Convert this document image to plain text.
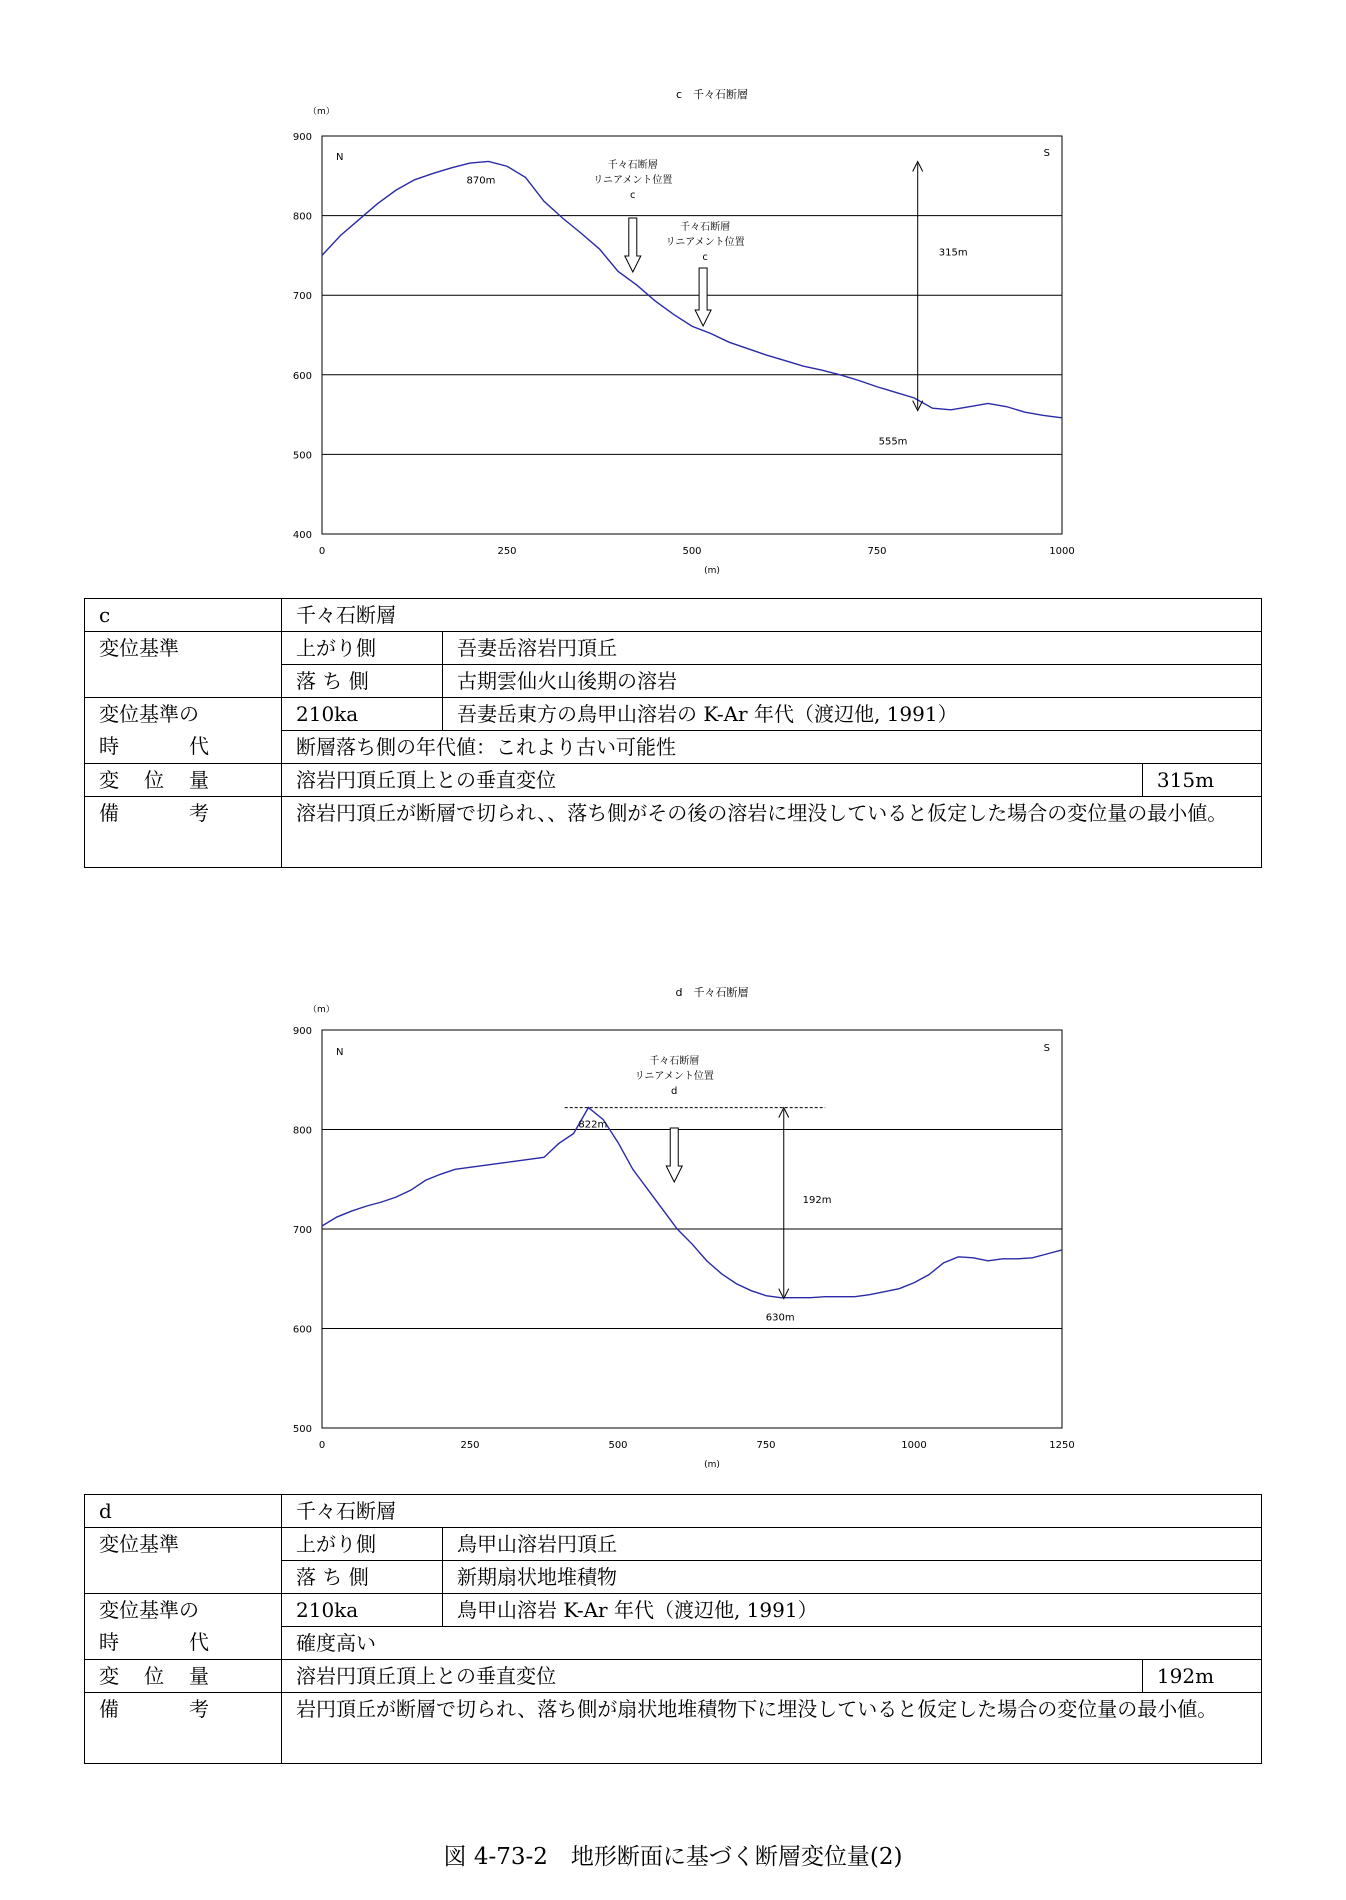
c　千々石断層
（m）
(m)
400
500
600
700
800
900
0	250	500	750	1000
N	S
870m
555m
315m
千々石断層
リニアメント位置
c
千々石断層
リニアメント位置
c
c	千々石断層		
変位基準	上がり側	吾妻岳溶岩円頂丘	
	落 ち 側	古期雲仙火山後期の溶岩	

変位基準の
時 代	210ka	吾妻岳東方の鳥甲山溶岩の K-Ar 年代（渡辺他, 1991）	
	断層落ち側の年代値：これより古い可能性		

変 位 量	溶岩円頂丘頂上との垂直変位		315m

備 考	溶岩円頂丘が断層で切られ、、落ち側がその後の溶岩に埋没していると仮定した場合の変位量の最小値。		
d　千々石断層
（m）
(m)
500
600
700
800
900
0	250	500	750	1000	1250
N	S
822m
630m
192m
千々石断層
リニアメント位置
d
d	千々石断層		
変位基準	上がり側	鳥甲山溶岩円頂丘	
	落 ち 側	新期扇状地堆積物	

変位基準の
時 代	210ka	鳥甲山溶岩 K-Ar 年代（渡辺他, 1991）	
	確度高い		

変 位 量	溶岩円頂丘頂上との垂直変位		192m

備 考	岩円頂丘が断層で切られ、落ち側が扇状地堆積物下に埋没していると仮定した場合の変位量の最小値。		
図 4-73-2　地形断面に基づく断層変位量(2)
